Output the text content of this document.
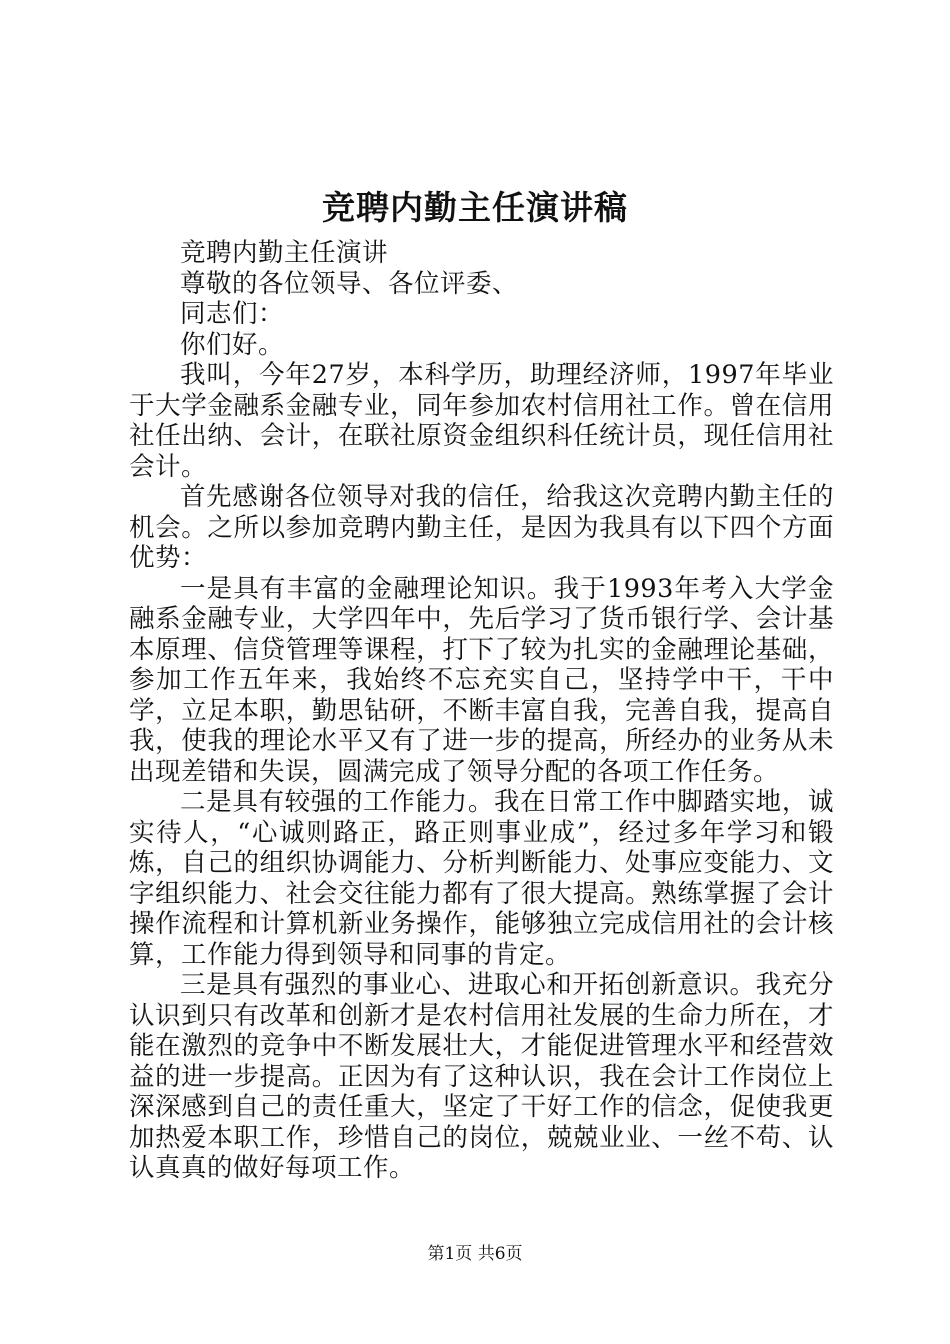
竞聘内勤主任演讲稿

竞聘内勤主任演讲

尊敬的各位领导、各位评委、

同志们：

你们好。

我叫，今年27岁，本科学历，助理经济师，1997年毕业于大学金融系金融专业，同年参加农村信用社工作。曾在信用社任出纳、会计，在联社原资金组织科任统计员，现任信用社会计。

首先感谢各位领导对我的信任，给我这次竞聘内勤主任的机会。之所以参加竞聘内勤主任，是因为我具有以下四个方面优势：

一是具有丰富的金融理论知识。我于1993年考入大学金融系金融专业，大学四年中，先后学习了货币银行学、会计基本原理、信贷管理等课程，打下了较为扎实的金融理论基础，参加工作五年来，我始终不忘充实自己，坚持学中干，干中学，立足本职，勤思钻研，不断丰富自我，完善自我，提高自我，使我的理论水平又有了进一步的提高，所经办的业务从未出现差错和失误，圆满完成了领导分配的各项工作任务。

二是具有较强的工作能力。我在日常工作中脚踏实地，诚实待人，“心诚则路正，路正则事业成”，经过多年学习和锻炼，自己的组织协调能力、分析判断能力、处事应变能力、文字组织能力、社会交往能力都有了很大提高。熟练掌握了会计操作流程和计算机新业务操作，能够独立完成信用社的会计核算，工作能力得到领导和同事的肯定。

三是具有强烈的事业心、进取心和开拓创新意识。我充分认识到只有改革和创新才是农村信用社发展的生命力所在，才能在激烈的竞争中不断发展壮大，才能促进管理水平和经营效益的进一步提高。正因为有了这种认识，我在会计工作岗位上深深感到自己的责任重大，坚定了干好工作的信念，促使我更加热爱本职工作，珍惜自己的岗位，兢兢业业、一丝不苟、认认真真的做好每项工作。

第1页 共6页
